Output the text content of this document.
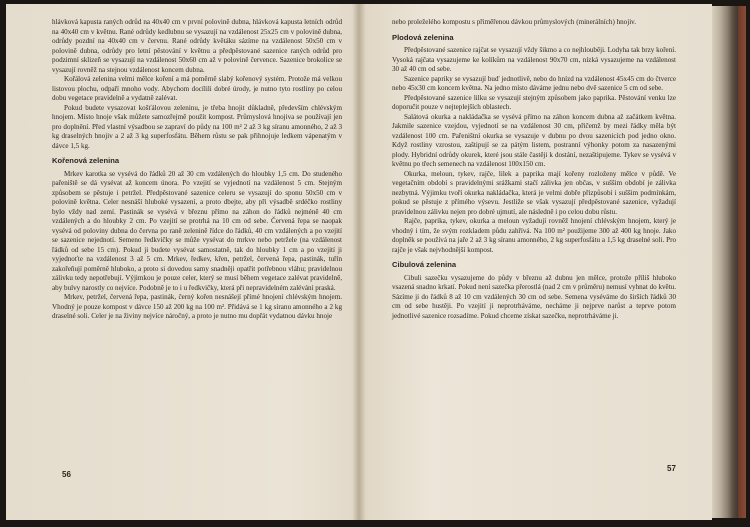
hlávková kapusta raných odrůd na 40x40 cm v první polovině dubna, hlávková kapusta letních odrůd na 40x40 cm v květnu. Rané odrůdy kedlubnu se vysazují na vzdálenost 25x25 cm v polovině dubna, odrůdy pozdní na 40x40 cm v červnu. Rané odrůdy květáku sázíme na vzdálenost 50x50 cm v polovině dubna, odrůdy pro letní pěstování v květnu a předpěstované sazenice raných odrůd pro podzimní sklizeň se vysazují na vzdálenost 50x60 cm až v polovině července. Sazenice brokolice se vysazují rovněž na stejnou vzdálenost koncem dubna.

Kořálová zelenina velmi mělce koření a má poměrně slabý kořenový systém. Protože má velkou listovou plochu, odpaří mnoho vody. Abychom docílili dobré úrody, je nutno tyto rostliny po celou dobu vegetace pravidelně a vydatně zalévat.

Pokud budete vysazovat košťálovou zeleninu, je třeba hnojit důkladně, především chlévským hnojem. Místo hnoje však můžete samozřejmě použít kompost. Průmyslová hnojiva se používají jen pro doplnění. Před vlastní výsadbou se zapraví do půdy na 100 m² 2 až 3 kg síranu amonného, 2 až 3 kg draselných hnojiv a 2 až 3 kg superfosfátu. Během růstu se pak přihnojuje ledkem vápenatým v dávce 1,5 kg.

Kořenová zelenina

Mrkev karotka se vysévá do řádků 20 až 30 cm vzdálených do hloubky 1,5 cm. Do studeného pařeniště se dá vysévat až koncem února. Po vzejití se vyjednotí na vzdálenost 5 cm. Stejným způsobem se pěstuje i petržel. Předpěstované sazenice celeru se vysazují do sponu 50x50 cm v polovině května. Celer nesnáší hluboké vysazení, a proto dbejte, aby při výsadbě srdéčko rostliny bylo vždy nad zemí. Pastinák se vysévá v březnu přímo na záhon do řádků nejméně 40 cm vzdálených a do hloubky 2 cm. Po vzejití se protrhá na 10 cm od sebe. Červená řepa se naopak vysévá od poloviny dubna do června po raně zelenině řídce do řádků, 40 cm vzdálených a po vzejití se sazenice nejednotí. Semeno ředkvičky se může vysévat do mrkve nebo petržele (na vzdálenost řádků od sebe 15 cm). Pokud ji budete vysévat samostatně, tak do hloubky 1 cm a po vzejití ji vyjednoťte na vzdálenost 3 až 5 cm. Mrkev, ředkev, křen, petržel, červená řepa, pastinák, tuřín zakořeňují poměrně hluboko, a proto si dovedou samy snadněji opatřit potřebnou vláhu; pravidelnou zálivku tedy nepotřebují. Výjimkou je pouze celer, který se musí během vegetace zalévat pravidelně, aby bulvy narostly co nejvíce. Podobně je to i u ředkvičky, která při nepravidelném zalévání praská.

Mrkev, petržel, červená řepa, pastinák, černý kořen nesnášejí přímé hnojení chlévským hnojem. Vhodný je pouze kompost v dávce 150 až 200 kg na 100 m². Přidává se 1 kg síranu amonného a 2 kg draselné soli. Celer je na živiny nejvíce náročný, a proto je nutno mu dopřát vydatnou dávku hnoje

56

nebo proleželého kompostu s přiměřenou dávkou průmyslových (minerálních) hnojiv.

Plodová zelenina

Předpěstované sazenice rajčat se vysazují vždy šikmo a co nejhlouběji. Lodyha tak brzy koření. Vysoká rajčata vysazujeme ke kolíkům na vzdálenost 90x70 cm, nízká vysazujeme na vzdálenost 30 až 40 cm od sebe.

Sazenice papriky se vysazují buď jednotlivě, nebo do hnízd na vzdálenost 45x45 cm do čtverce nebo 45x30 cm koncem května. Na jedno místo dáváme jednu nebo dvě sazenice 5 cm od sebe.

Předpěstované sazenice lilku se vysazují stejným způsobem jako paprika. Pěstování venku lze doporučit pouze v nejteplejších oblastech.

Salátová okurka a nakládačka se vysévá přímo na záhon koncem dubna až začátkem května. Jakmile sazenice vzejdou, vyjednotí se na vzdálenost 30 cm, přičemž by mezi řádky měla být vzdálenost 100 cm. Pařeništní okurka se vysazuje v dubnu po dvou sazenicích pod jedno okno. Když rostliny vzrostou, zaštipují se za pátým listem, postranní výhonky potom za nasazenými plody. Hybridní odrůdy okurek, které jsou stále častěji k dostání, nezaštipujeme. Tykev se vysévá v květnu po třech semenech na vzdálenost 100x150 cm.

Okurka, meloun, tykev, rajče, lilek a paprika mají kořeny rozloženy mělce v půdě. Ve vegetačním období s pravidelnými srážkami stačí zálivka jen občas, v suššim období je zálivka nezbytná. Výjimku tvoří okurka nakládačka, která je velmi dobře přizpůsobí i suššim podmínkám, pokud se pěstuje z přímého výsevu. Jestliže se však vysazují předpěstované sazenice, vyžadují pravidelnou zálivku nejen pro dobré ujmutí, ale následně i po celou dobu růstu.

Rajče, paprika, tykev, okurka a meloun vyžadují rovněž hnojení chlévským hnojem, který je vhodný i tím, že svým rozkladem půdu zahřívá. Na 100 m² použijeme 300 až 400 kg hnoje. Jako doplněk se používá na jaře 2 až 3 kg síranu amonného, 2 kg superfosfátu a 1,5 kg draselné soli. Pro rajče je však nejvhodnější kompost.

Cibulová zelenina

Cibuli sazečku vysazujeme do půdy v březnu až dubnu jen mělce, protože příliš hluboko vsazená snadno krkatí. Pokud není sazečka přerostlá (nad 2 cm v průměru) nemusí vyhnat do květu. Sázíme ji do řádků 8 až 10 cm vzdálených 30 cm od sebe. Semena vyséváme do širších řádků 30 cm od sebe hustěji. Po vzejití ji neprotrháváme, necháme ji nejprve narůst a teprve potom jednotlivé sazenice rozsadíme. Pokud chceme získat sazečku, neprotrháváme ji.

57
